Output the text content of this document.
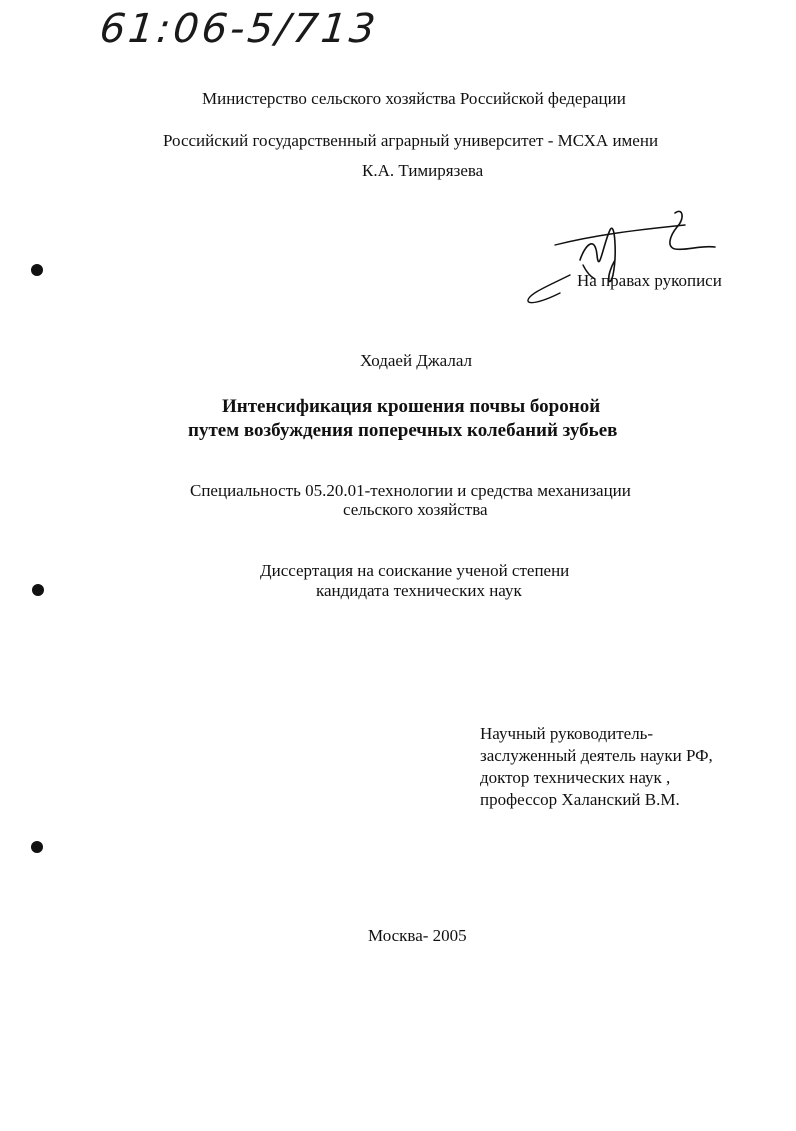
61:06-5/713
Министерство сельского хозяйства Российской федерации
Российский государственный аграрный университет - МСХА имени
К.А. Тимирязева
На правах рукописи
Ходаей Джалал
Интенсификация крошения почвы бороной
путем возбуждения поперечных колебаний зубьев
Специальность 05.20.01-технологии и средства механизации
сельского хозяйства
Диссертация на соискание ученой степени
кандидата технических наук
Научный руководитель-
заслуженный деятель науки РФ,
доктор технических наук ,
профессор Халанский В.М.
Москва- 2005
